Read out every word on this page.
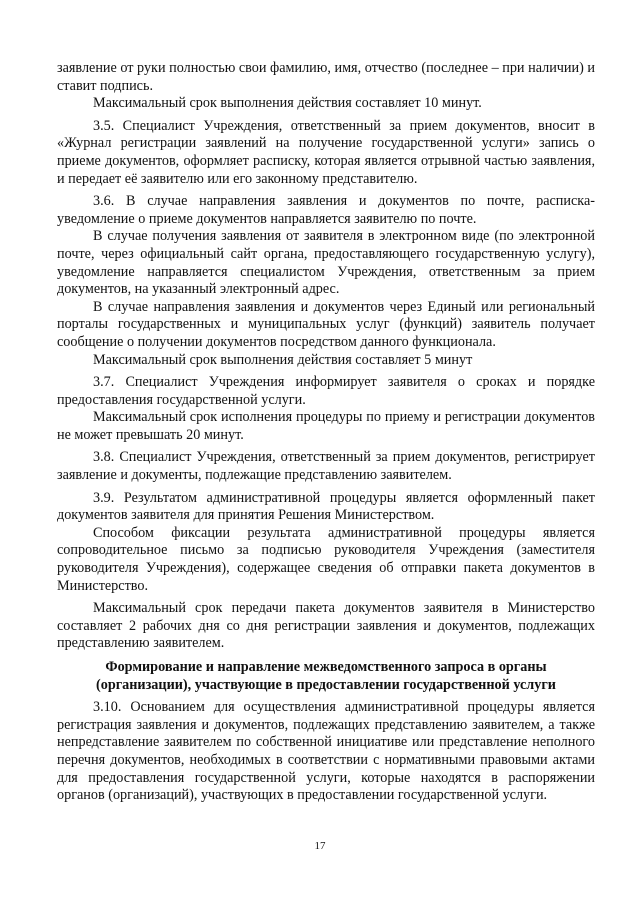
заявление от руки полностью свои фамилию, имя, отчество (последнее – при наличии) и ставит подпись.

Максимальный срок выполнения действия составляет 10 минут.

3.5. Специалист Учреждения, ответственный за прием документов, вносит в «Журнал регистрации заявлений на получение государственной услуги» запись о приеме документов, оформляет расписку, которая является отрывной частью заявления, и передает её заявителю или его законному представителю.

3.6. В случае направления заявления и документов по почте, расписка-уведомление о приеме документов направляется заявителю по почте.

В случае получения заявления от заявителя в электронном виде (по электронной почте, через официальный сайт органа, предоставляющего государственную услугу), уведомление направляется специалистом Учреждения, ответственным за прием документов, на указанный электронный адрес.

В случае направления заявления и документов через Единый или региональный порталы государственных и муниципальных услуг (функций) заявитель получает сообщение о получении документов посредством данного функционала.

Максимальный срок выполнения действия составляет 5 минут

3.7. Специалист Учреждения информирует заявителя о сроках и порядке предоставления государственной услуги.

Максимальный срок исполнения процедуры по приему и регистрации документов не может превышать 20 минут.

3.8. Специалист Учреждения, ответственный за прием документов, регистрирует заявление и документы, подлежащие представлению заявителем.

3.9. Результатом административной процедуры является оформленный пакет документов заявителя для принятия Решения Министерством.

Способом фиксации результата административной процедуры является сопроводительное письмо за подписью руководителя Учреждения (заместителя руководителя Учреждения), содержащее сведения об отправки пакета документов в Министерство.

Максимальный срок передачи пакета документов заявителя в Министерство составляет 2 рабочих дня со дня регистрации заявления и документов, подлежащих представлению заявителем.

Формирование и направление межведомственного запроса в органы (организации), участвующие в предоставлении государственной услуги

3.10. Основанием для осуществления административной процедуры является регистрация заявления и документов, подлежащих представлению заявителем, а также непредставление заявителем по собственной инициативе или представление неполного перечня документов, необходимых в соответствии с нормативными правовыми актами для предоставления государственной услуги, которые находятся в распоряжении органов (организаций), участвующих в предоставлении государственной услуги.

17
